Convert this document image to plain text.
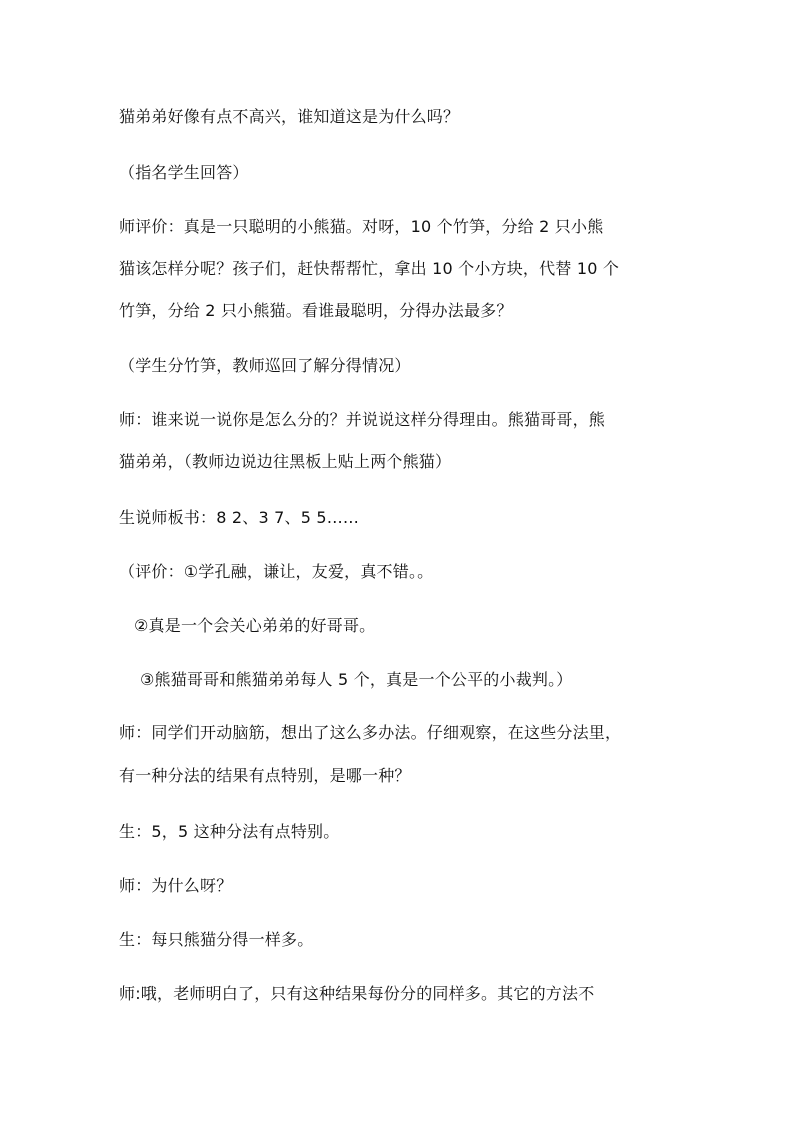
猫弟弟好像有点不高兴，谁知道这是为什么吗？
（指名学生回答）
师评价：真是一只聪明的小熊猫。对呀，10 个竹笋，分给 2 只小熊
猫该怎样分呢？孩子们，赶快帮帮忙，拿出 10 个小方块，代替 10 个
竹笋，分给 2 只小熊猫。看谁最聪明，分得办法最多？
（学生分竹笋，教师巡回了解分得情况）
师：谁来说一说你是怎么分的？并说说这样分得理由。熊猫哥哥，熊
猫弟弟，（教师边说边往黑板上贴上两个熊猫）
生说师板书：8 2、3 7、5 5……
（评价：①学孔融，谦让，友爱，真不错。。
②真是一个会关心弟弟的好哥哥。
③熊猫哥哥和熊猫弟弟每人 5 个，真是一个公平的小裁判。）
师：同学们开动脑筋，想出了这么多办法。仔细观察，在这些分法里，
有一种分法的结果有点特别，是哪一种？
生：5，5 这种分法有点特别。
师：为什么呀？
生：每只熊猫分得一样多。
师:哦，老师明白了，只有这种结果每份分的同样多。其它的方法不
